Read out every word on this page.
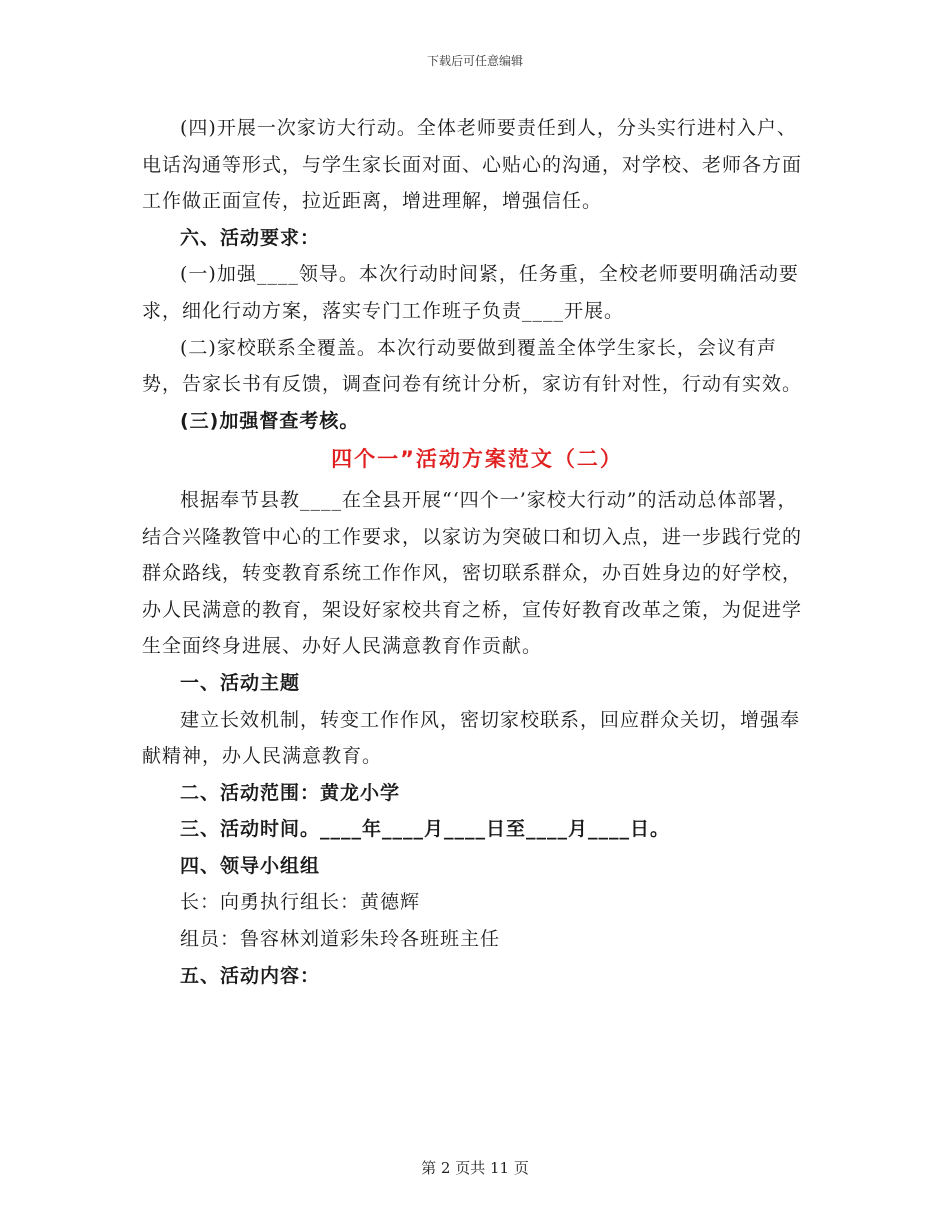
下载后可任意编辑

(四)开展一次家访大行动。全体老师要责任到人，分头实行进村入户、电话沟通等形式，与学生家长面对面、心贴心的沟通，对学校、老师各方面工作做正面宣传，拉近距离，增进理解，增强信任。

六、活动要求：

(一)加强____领导。本次行动时间紧，任务重，全校老师要明确活动要求，细化行动方案，落实专门工作班子负责____开展。

(二)家校联系全覆盖。本次行动要做到覆盖全体学生家长，会议有声势，告家长书有反馈，调查问卷有统计分析，家访有针对性，行动有实效。

(三)加强督查考核。

四个一”活动方案范文（二）

根据奉节县教____在全县开展“‘四个一’家校大行动”的活动总体部署，结合兴隆教管中心的工作要求，以家访为突破口和切入点，进一步践行党的群众路线，转变教育系统工作作风，密切联系群众，办百姓身边的好学校，办人民满意的教育，架设好家校共育之桥，宣传好教育改革之策，为促进学生全面终身进展、办好人民满意教育作贡献。

一、活动主题

建立长效机制，转变工作作风，密切家校联系，回应群众关切，增强奉献精神，办人民满意教育。

二、活动范围：黄龙小学

三、活动时间。____年____月____日至____月____日。

四、领导小组组

长：向勇执行组长：黄德辉

组员：鲁容林刘道彩朱玲各班班主任

五、活动内容：

第 2 页共 11 页
